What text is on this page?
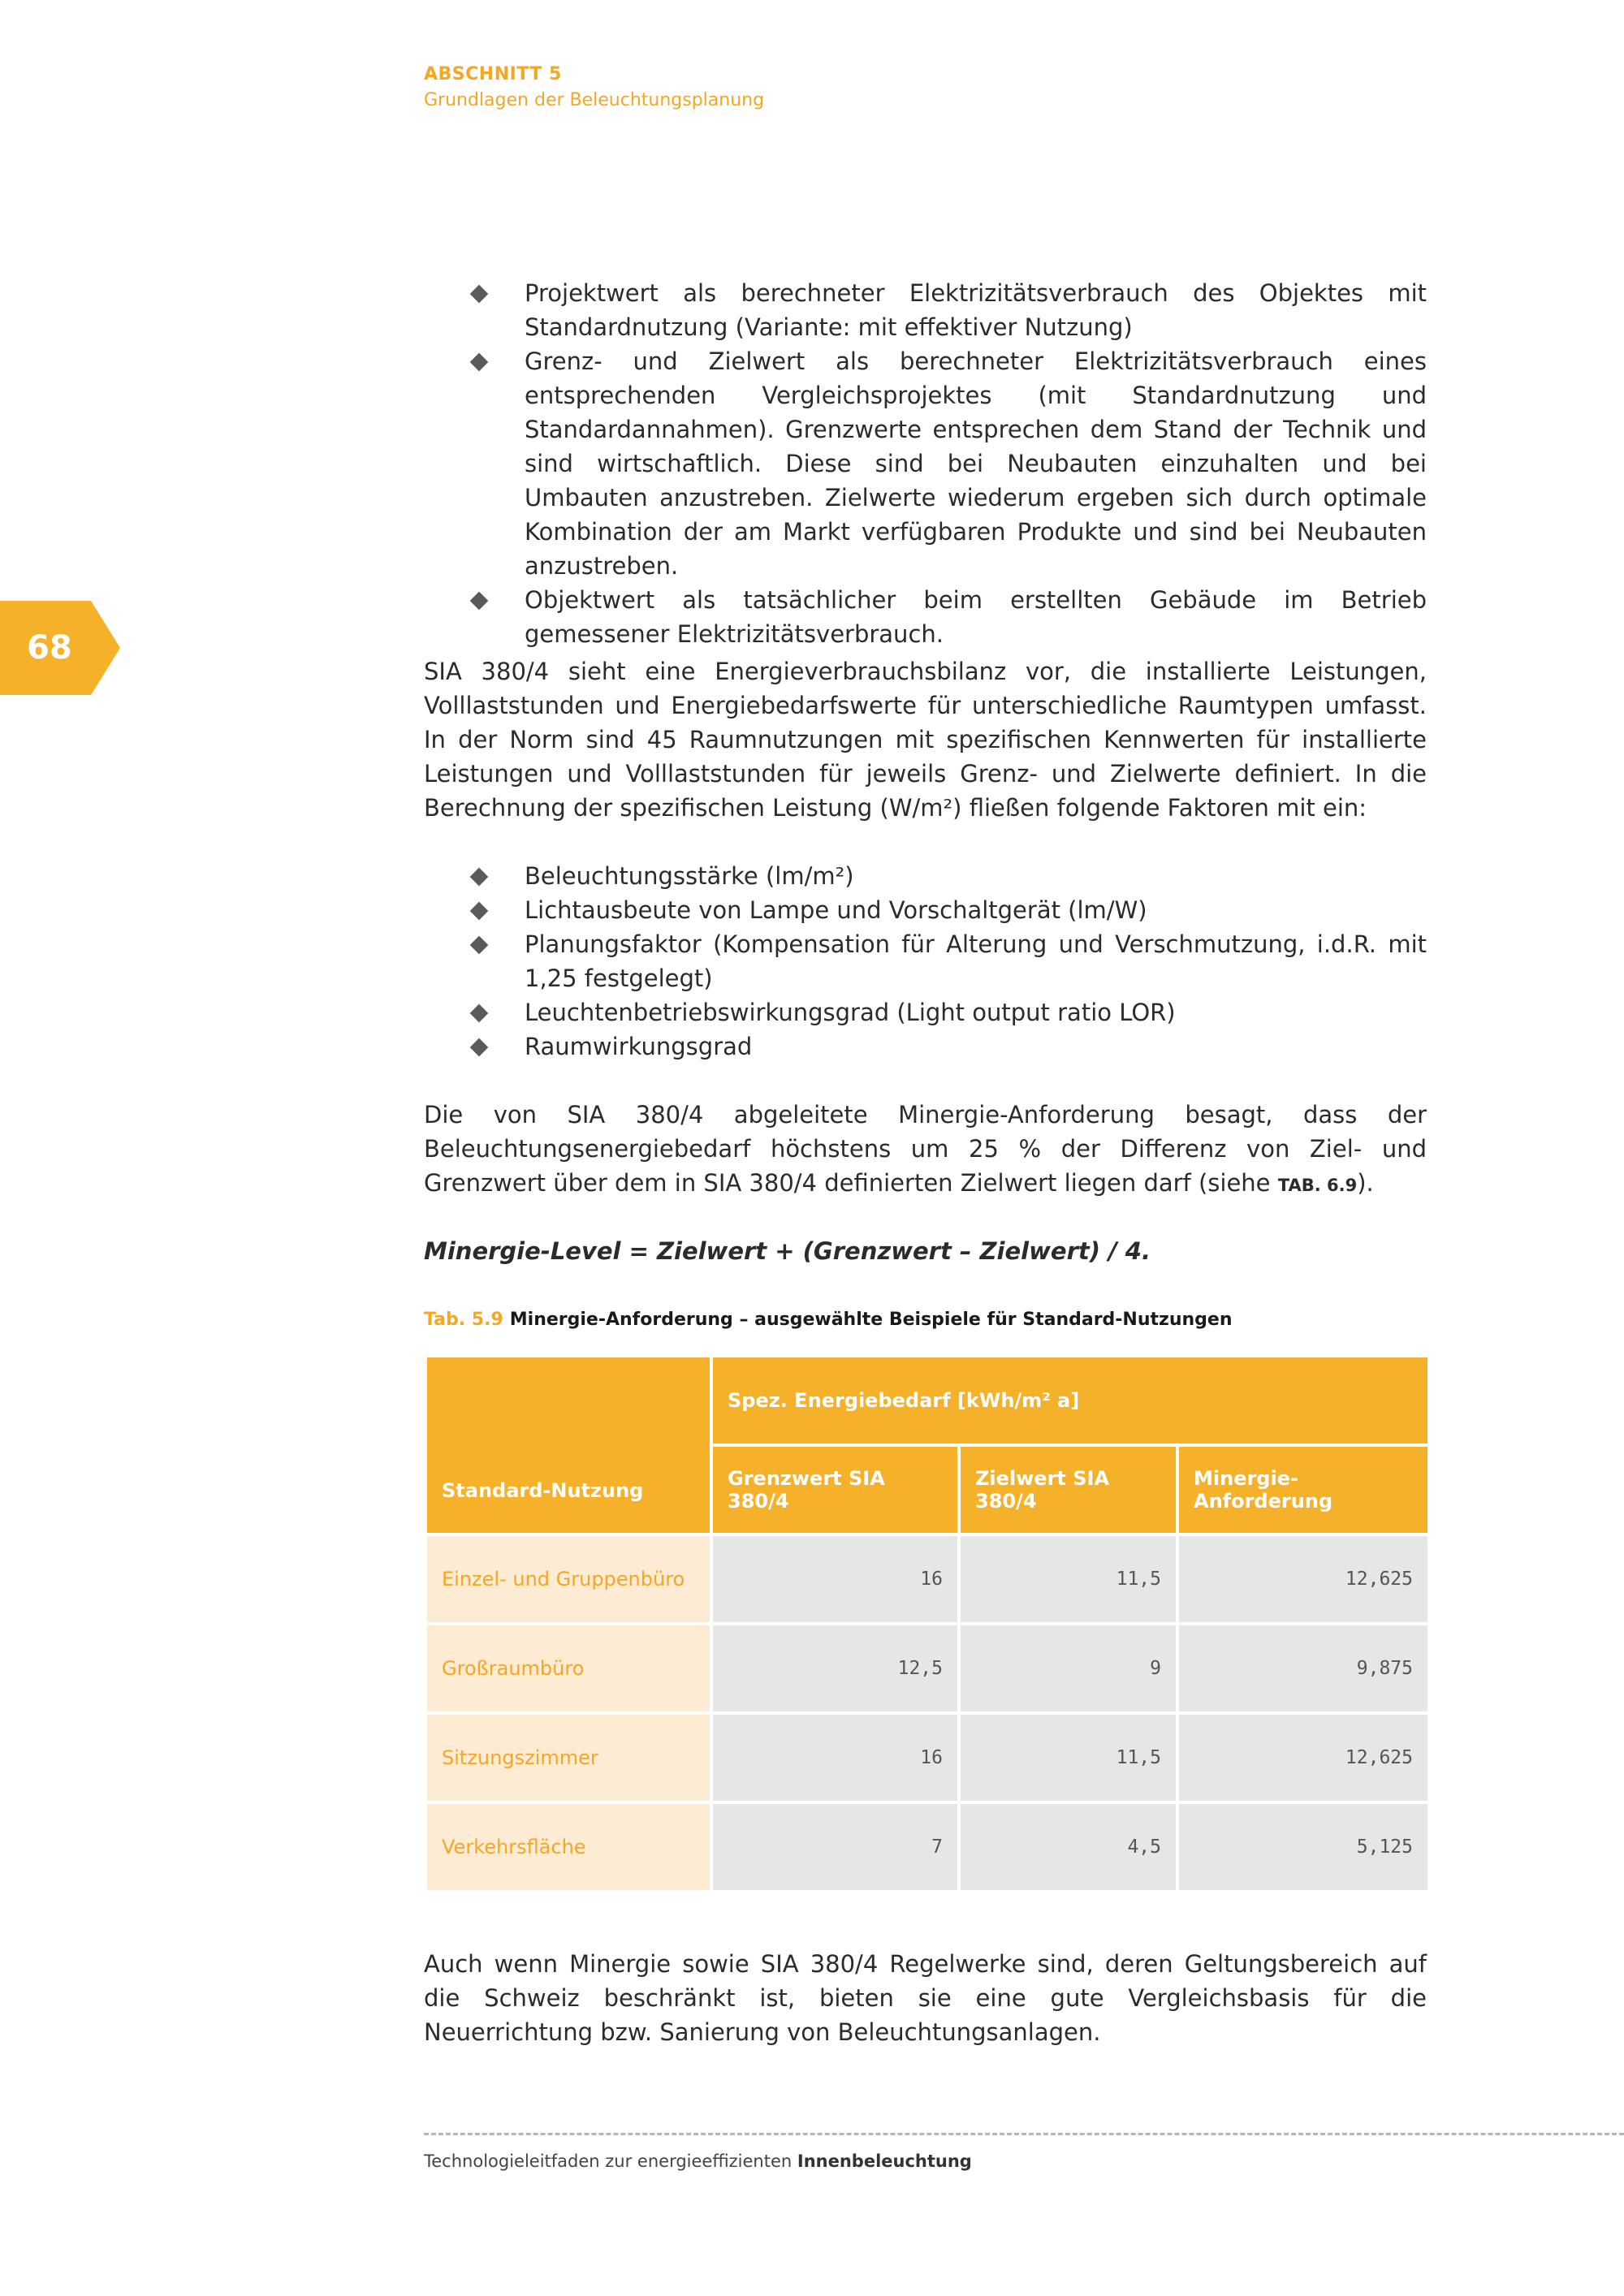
ABSCHNITT 5
Grundlagen der Beleuchtungsplanung
68
Projektwert als berechneter Elektrizitätsverbrauch des Objektes mit Standardnutzung (Variante: mit effektiver Nutzung)
Grenz- und Zielwert als berechneter Elektrizitätsverbrauch eines entsprechenden Vergleichsprojektes (mit Standardnutzung und Standardannahmen). Grenzwerte entsprechen dem Stand der Technik und sind wirtschaftlich. Diese sind bei Neubauten einzuhalten und bei Umbauten anzustreben. Zielwerte wiederum ergeben sich durch optimale Kombination der am Markt verfügbaren Produkte und sind bei Neubauten anzustreben.
Objektwert als tatsächlicher beim erstellten Gebäude im Betrieb gemessener Elektrizitätsverbrauch.

SIA 380/4 sieht eine Energieverbrauchsbilanz vor, die installierte Leistungen, Volllaststunden und Energiebedarfswerte für unterschiedliche Raumtypen umfasst. In der Norm sind 45 Raumnutzungen mit spezifischen Kennwerten für installierte Leistungen und Volllaststunden für jeweils Grenz- und Zielwerte definiert. In die Berechnung der spezifischen Leistung (W/m²) fließen folgende Faktoren mit ein:

Beleuchtungsstärke (lm/m²)
Lichtausbeute von Lampe und Vorschaltgerät (lm/W)
Planungsfaktor (Kompensation für Alterung und Verschmutzung, i.d.R. mit 1,25 festgelegt)
Leuchtenbetriebswirkungsgrad (Light output ratio LOR)
Raumwirkungsgrad

Die von SIA 380/4 abgeleitete Minergie-Anforderung besagt, dass der Beleuchtungsenergiebedarf höchstens um 25 % der Differenz von Ziel- und Grenzwert über dem in SIA 380/4 definierten Zielwert liegen darf (siehe TAB. 6.9).

Minergie-Level = Zielwert + (Grenzwert – Zielwert) / 4.

Tab. 5.9 Minergie-Anforderung – ausgewählte Beispiele für Standard-Nutzungen
Standard-Nutzung	Spez. Energiebedarf [kWh/m² a]		
	Grenzwert SIA 380/4	Zielwert SIA 380/4	Minergie-Anforderung
Einzel- und Gruppenbüro	16	11,5	12,625
Großraumbüro	12,5	9	9,875
Sitzungszimmer	16	11,5	12,625
Verkehrsfläche	7	4,5	5,125

Auch wenn Minergie sowie SIA 380/4 Regelwerke sind, deren Geltungsbereich auf die Schweiz beschränkt ist, bieten sie eine gute Vergleichsbasis für die Neuerrichtung bzw. Sanierung von Beleuchtungsanlagen.

Technologieleitfaden zur energieeffizienten Innenbeleuchtung
